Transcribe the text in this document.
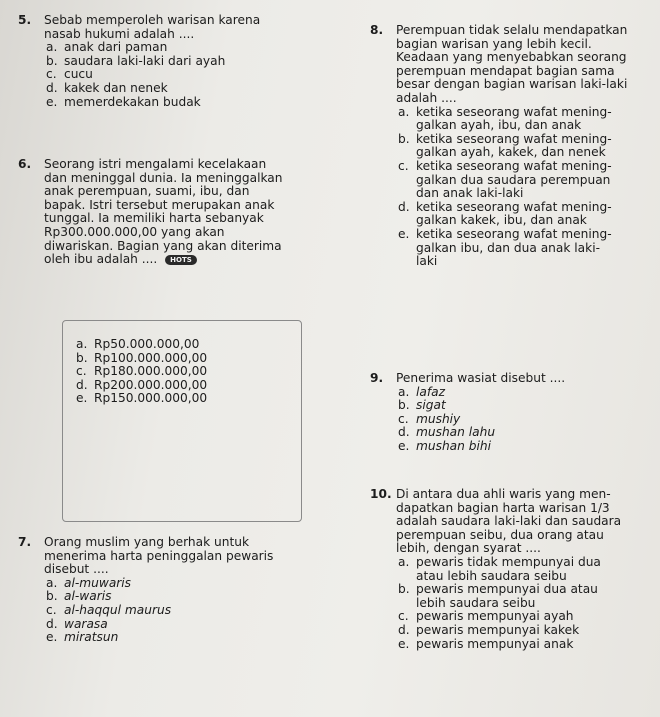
5. Sebab memperoleh warisan karena
nasab hukumi adalah ....
a. anak dari paman
b. saudara laki-laki dari ayah
c. cucu
d. kakek dan nenek
e. memerdekakan budak
6. Seorang istri mengalami kecelakaan
dan meninggal dunia. Ia meninggalkan
anak perempuan, suami, ibu, dan
bapak. Istri tersebut merupakan anak
tunggal. Ia memiliki harta sebanyak
Rp300.000.000,00 yang akan
diwariskan. Bagian yang akan diterima
oleh ibu adalah .... HOTS
a. Rp50.000.000,00
b. Rp100.000.000,00
c. Rp180.000.000,00
d. Rp200.000.000,00
e. Rp150.000.000,00
7. Orang muslim yang berhak untuk
menerima harta peninggalan pewaris
disebut ....
a. al-muwaris
b. al-waris
c. al-haqqul maurus
d. warasa
e. miratsun
8. Perempuan tidak selalu mendapatkan
bagian warisan yang lebih kecil.
Keadaan yang menyebabkan seorang
perempuan mendapat bagian sama
besar dengan bagian warisan laki-laki
adalah ....
a. ketika seseorang wafat mening-
galkan ayah, ibu, dan anak
b. ketika seseorang wafat mening-
galkan ayah, kakek, dan nenek
c. ketika seseorang wafat mening-
galkan dua saudara perempuan
dan anak laki-laki
d. ketika seseorang wafat mening-
galkan kakek, ibu, dan anak
e. ketika seseorang wafat mening-
galkan ibu, dan dua anak laki-
laki
9. Penerima wasiat disebut ....
a. lafaz
b. sigat
c. mushiy
d. mushan lahu
e. mushan bihi
10. Di antara dua ahli waris yang men-
dapatkan bagian harta warisan 1/3
adalah saudara laki-laki dan saudara
perempuan seibu, dua orang atau
lebih, dengan syarat ....
a. pewaris tidak mempunyai dua
atau lebih saudara seibu
b. pewaris mempunyai dua atau
lebih saudara seibu
c. pewaris mempunyai ayah
d. pewaris mempunyai kakek
e. pewaris mempunyai anak
